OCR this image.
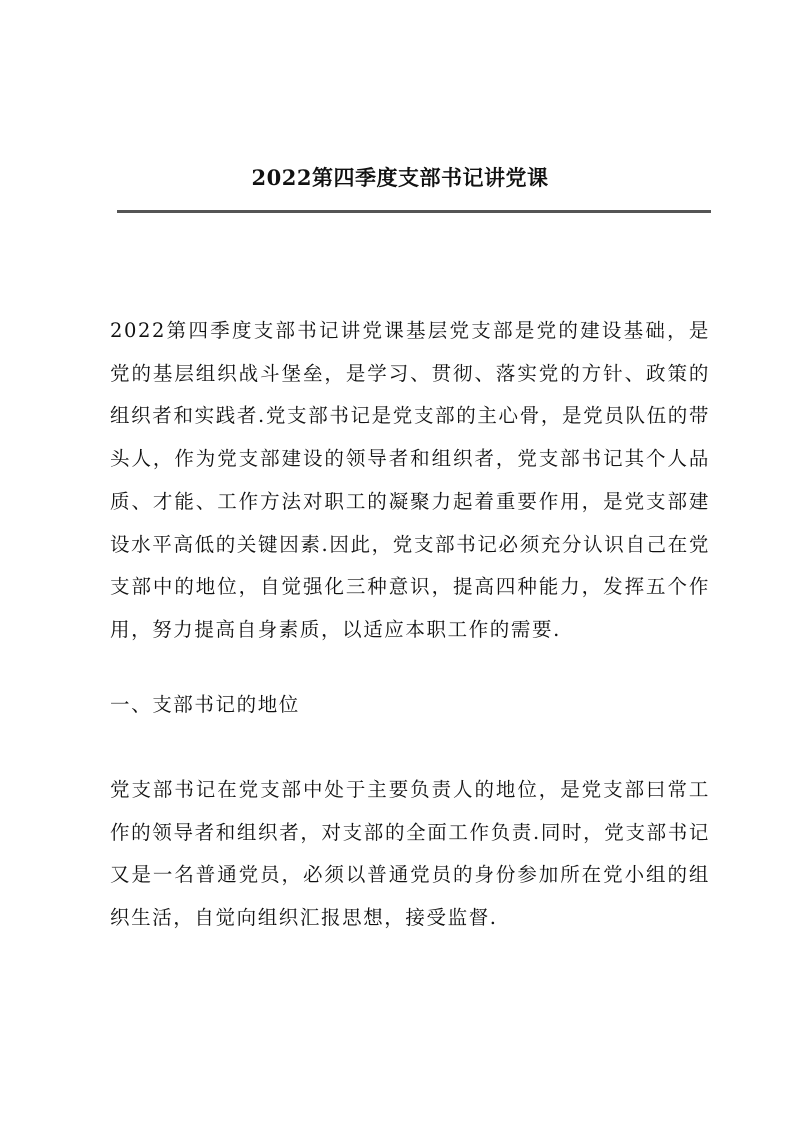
2022第四季度支部书记讲党课

2022第四季度支部书记讲党课基层党支部是党的建设基础，是党的基层组织战斗堡垒，是学习、贯彻、落实党的方针、政策的组织者和实践者.党支部书记是党支部的主心骨，是党员队伍的带头人，作为党支部建设的领导者和组织者，党支部书记其个人品质、才能、工作方法对职工的凝聚力起着重要作用，是党支部建设水平高低的关键因素.因此，党支部书记必须充分认识自己在党支部中的地位，自觉强化三种意识，提高四种能力，发挥五个作用，努力提高自身素质，以适应本职工作的需要.

一、支部书记的地位

党支部书记在党支部中处于主要负责人的地位，是党支部曰常工作的领导者和组织者，对支部的全面工作负责.同时，党支部书记又是一名普通党员，必须以普通党员的身份参加所在党小组的组织生活，自觉向组织汇报思想，接受监督.
